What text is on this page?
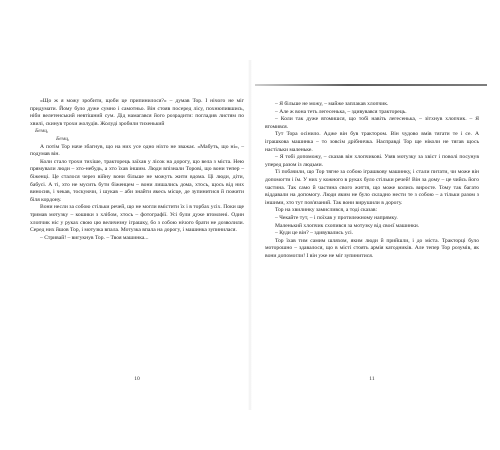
«Що ж я можу зробити, щоби це припинилося?» – думав Тор. І нічого не міг придумати. Йому було дуже сумно і самотньо. Він стояв посеред лісу, похнюпившись, ніби велетенський невтішний сум. Дід намагався його розрадити: погладив листям по хвилі, скинув трохи жолудів. Жолуді зробили тихенький

Бемц,

Бемц,

А потім Тор наче збагнув, що на них усе одно ніхто не зважає. «Мабуть, що ні», – подумав він.

Коли стало трохи тихіше, тракторець заїхав у лісок на дорогу, що вела з міста. Нею прямували люди – хто-небудь, а хто їхав іншим. Люди впізнали Торові, що вони тепер – біженці. Це сталося через війну вони більше не можуть жити вдома. Ці люди, діти, бабусі. А ті, хто не мусить бути біженцем – вони лишались дома, хтось, щось від них виносив, і чекав, тоскуючи, і шукав – аби знайти якесь місце, де зупинитися й пожити біля кордону.

Вони несли за собою стільки речей, що не могли вмістити їх і в торбах усіх. Поки ще тримав мотузку – кошики з хлібом, хтось – фотографії. Усі були дуже втомлені. Один хлопчик ніс у руках свою цю величезну іграшку, бо з собою нічого брати не дозволили. Серед них йшов Тор, і мотузка впала. Мотузка впала на дорогу, і машинка зупинилася.

– Стривай! – вигукнув Тор. – Твоя машинка...

10

– Я більше не можу, – майже заплакав хлопчик.

– Але ж вона теть легесенька, – здивувався тракторець.

– Коли так дуже втомишся, що тобі навіть легесенька, – зітхнув хлопчик. – Я втомився.

Тут Тора осінило. Адже він був трактором. Він чудово вмів тягати те і се. А іграшкова машинка – то зовсім дрібничка. Насправді Тор ще ніколи не тягав щось настільки маленьке.

– Я тобі допоможу, – сказав він хлопчикові. Узяв мотузку за хвіст і поволі посунув уперед разом із людьми.

Ті побачили, що Тор тягне за собою іграшкову машинку, і стали питати, чи може він допомогти і їм. У них у кожного в руках було стільки речей! Він за дому – це чийсь його частина. Так само й частина свого життя, що може колись виросте. Тому так багато віддавали на допомогу. Люди яким не було складно нести те з собою – а тільки разом з іншими, хто тут пов'язаний. Так вони вирушили в дорогу.

Тор на хвилинку замислився, а тоді сказав:

– Чекайте тут, – і поїхав у протилежному напрямку.

Маленький хлопчик схопився за мотузку від своєї машинки.

– Куди це він? – здивувались усі.

Тор їхав тим самим шляхом, яким люди й прийшли, і до міста. Тракторці було моторошно – здавалося, що в місті стоять армія катодників. Але тепер Тор розумів, як вони допомогли! І він уже не міг зупинитися.

11
